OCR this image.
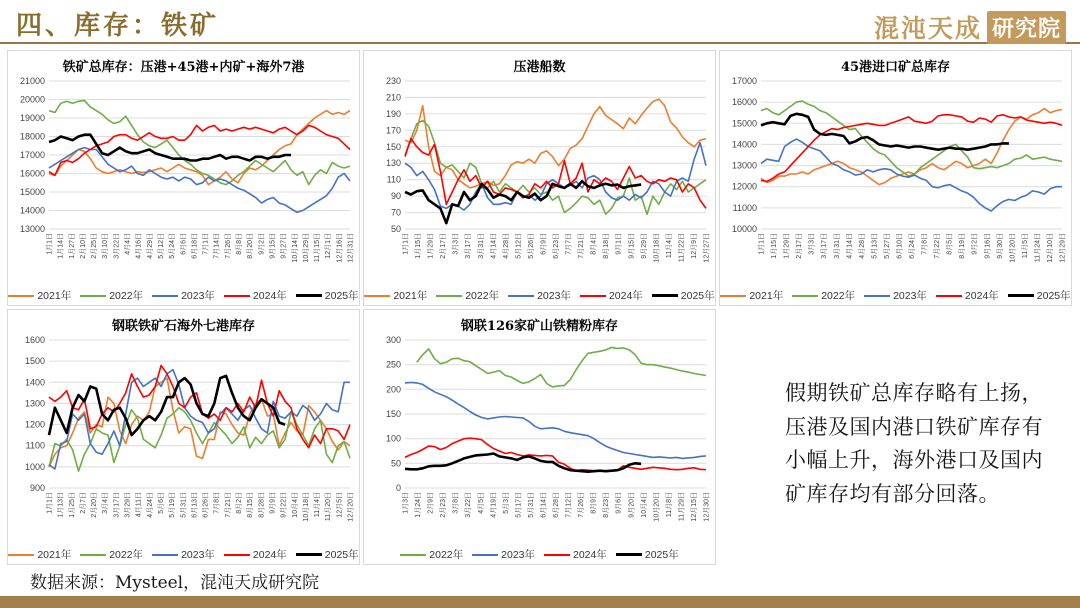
四、库存：铁矿	混沌天成 研究院
铁矿总库存：压港+45港+内矿+海外7港
13000
14000
15000
16000
17000
18000
19000
20000
21000
1月1日 1月14日 1月27日 2月10日 2月25日 3月10日 3月22日 4月4日 4月16日 4月29日 5月12日 5月24日 6月6日 6月18日 7月1日 7月14日 7月26日 8月8日 8月20日 9月2日 9月15日 9月27日 10月14日 10月29日 11月15日 12月1日 12月16日 12月31日
2021年	2022年	2023年	2024年	2025年
压港船数
50
70
90
110
130
150
170
190
210
230
1月1日 1月15日 1月29日 2月17日 3月3日 3月17日 3月31日 4月14日 4月28日 5月12日 5月26日 6月9日 6月23日 7月7日 7月21日 8月4日 8月18日 9月1日 9月15日 9月29日 10月18日 11月4日 11月22日 12月9日 12月27日
2021年	2022年	2023年	2024年	2025年
45港进口矿总库存
10000
11000
12000
13000
14000
15000
16000
17000
1月1日 1月15日 1月29日 2月17日 3月3日 3月17日 3月31日 4月14日 4月28日 5月13日 5月27日 6月10日 6月24日 7月8日 7月22日 8月5日 8月19日 9月2日 9月16日 9月30日 10月20日 11月5日 11月24日 12月10日 12月29日
2021年	2022年	2023年	2024年	2025年
钢联铁矿石海外七港库存
900
1000
1100
1200
1300
1400
1500
1600
1月1日 1月13日 1月25日 2月7日 2月20日 3月4日 3月17日 3月29日 4月11日 4月24日 5月6日 5月19日 5月31日 6月13日 6月26日 7月8日 7月21日 8月2日 8月15日 8月28日 9月9日 9月22日 10月4日 10月18日 11月4日 11月20日 12月5日 12月20日
2021年	2022年	2023年	2024年	2025年
钢联126家矿山铁精粉库存
0
50
100
150
200
250
300
1月3日 1月24日 2月9日 2月23日 3月8日 3月22日 4月5日 4月19日 5月3日 5月17日 5月31日 6月14日 6月28日 7月12日 7月26日 8月9日 8月23日 9月6日 9月20日 10月4日 10月20日 11月8日 11月29日 12月15日 12月30日
2022年	2023年	2024年	2025年
假期铁矿总库存略有上扬，压港及国内港口铁矿库存有小幅上升，海外港口及国内矿库存均有部分回落。
数据来源：Mysteel，混沌天成研究院
